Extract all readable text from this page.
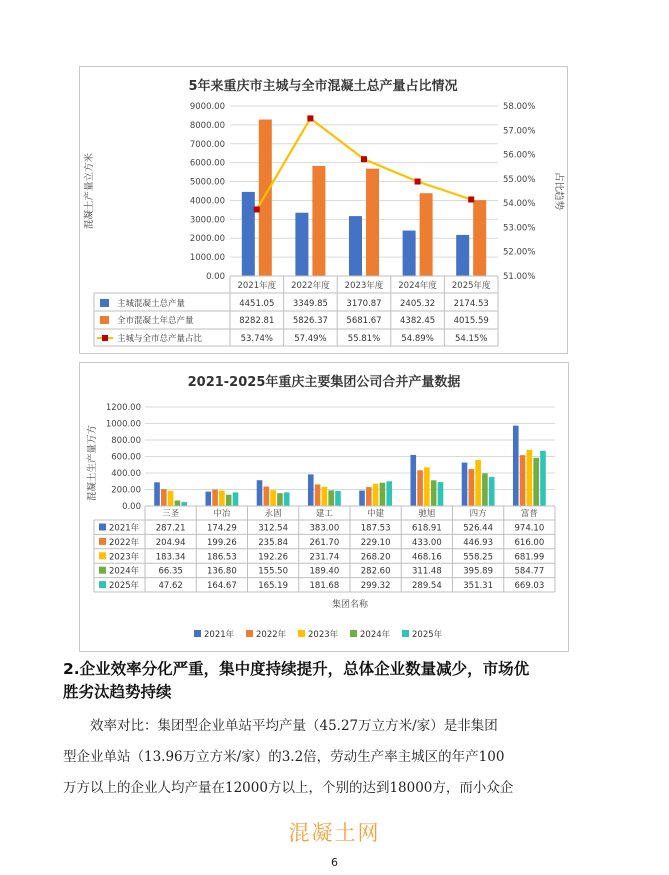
5年来重庆市主城与全市混凝土总产量占比情况
0.00
1000.00
2000.00
3000.00
4000.00
5000.00
6000.00
7000.00
8000.00
9000.00
51.00%
52.00%
53.00%
54.00%
55.00%
56.00%
57.00%
58.00%
混凝土产量立方米	占比趋势
2021年度 2022年度 2023年度 2024年度 2025年度
主城混凝土总产量	4451.05 3349.85 3170.87 2405.32 2174.53
全市混凝土年总产量	8282.81 5826.37 5681.67 4382.45 4015.59
主城与全市总产量占比	53.74% 57.49% 55.81% 54.89% 54.15%
2021-2025年重庆主要集团公司合并产量数据
0.00
200.00
400.00
600.00
800.00
1000.00
1200.00
混凝土生产量万方
三圣	中冶	永固	建工	中建	驰旭	四方	富普
2021年 287.21	174.29	312.54	383.00	187.53	618.91	526.44	974.10
2022年 204.94	199.26	235.84	261.70	229.10	433.00	446.93	616.00
2023年 183.34	186.53	192.26	231.74	268.20	468.16	558.25	681.99
2024年 66.35	136.80	155.50	189.40	282.60	311.48	395.89	584.77
2025年 47.62	164.67	165.19	181.68	299.32	289.54	351.31	669.03
集团名称
2021年	2022年	2023年	2024年	2025年
2.企业效率分化严重，集中度持续提升，总体企业数量减少，市场优
胜劣汰趋势持续
　　效率对比：集团型企业单站平均产量（45.27万立方米/家）是非集团
型企业单站（13.96万立方米/家）的3.2倍，劳动生产率主城区的年产100
万方以上的企业人均产量在12000方以上，个别的达到18000方，而小众企
混凝土网
6
